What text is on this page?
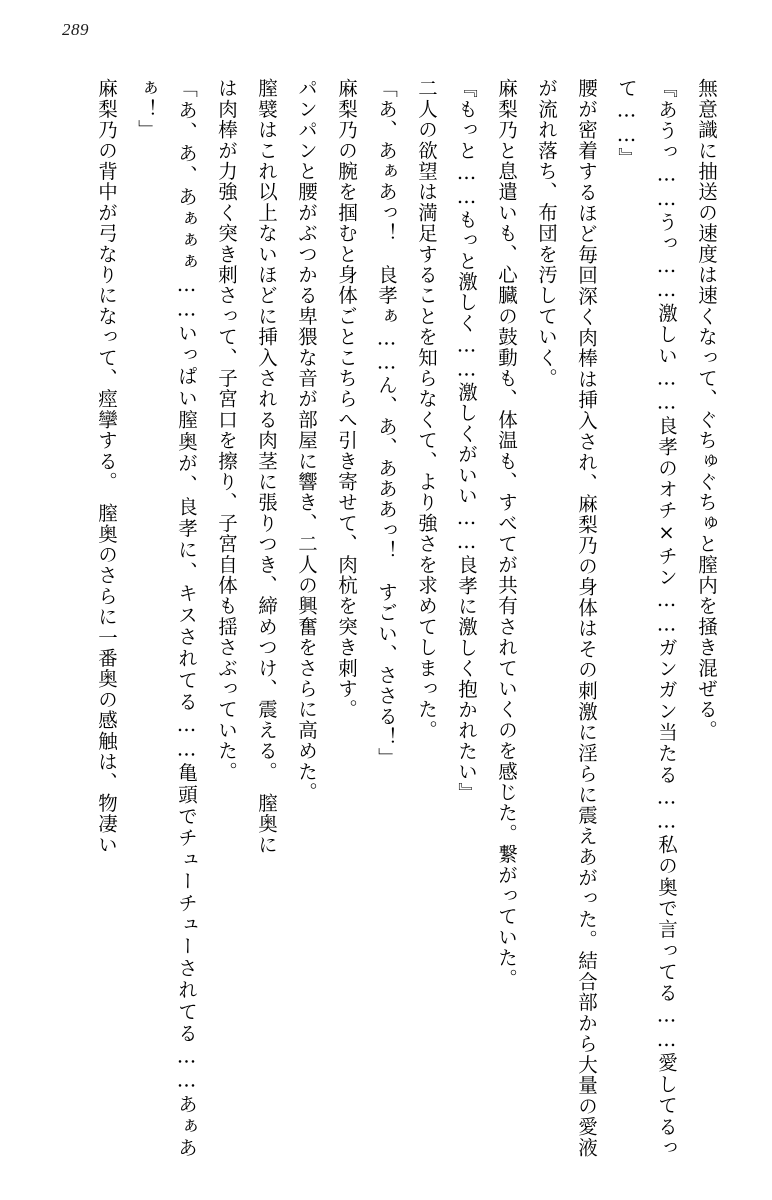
289

無意識に抽送の速度は速くなって、ぐちゅぐちゅと膣内を掻き混ぜる。

『あうっ……うっ……激しい……良孝のオチ×チン……ガンガン当たる……私の奥で言ってる……愛してるって……』

腰が密着するほど毎回深く肉棒は挿入され、麻梨乃の身体はその刺激に淫らに震えあがった。結合部から大量の愛液が流れ落ち、布団を汚していく。

麻梨乃と息遣いも、心臓の鼓動も、体温も、すべてが共有されていくのを感じた。繋がっていた。

『もっと……もっと激しく……激しくがいい……良孝に激しく抱かれたい』

二人の欲望は満足することを知らなくて、より強さを求めてしまった。

「あ、あぁあっ！　良孝ぁ……ん、あ、あああっ！　すごい、ささる！」

麻梨乃の腕を掴むと身体ごとこちらへ引き寄せて、肉杭を突き刺す。

パンパンと腰がぶつかる卑猥な音が部屋に響き、二人の興奮をさらに高めた。

膣襞はこれ以上ないほどに挿入される肉茎に張りつき、締めつけ、震える。　膣奥に

は肉棒が力強く突き刺さって、子宮口を擦り、子宮自体も揺さぶっていた。

「あ、あ、あぁぁぁ……いっぱい膣奥が、良孝に、キスされてる……亀頭でチューチューされてる……あぁあぁ！」

麻梨乃の背中が弓なりになって、痙攣する。　膣奥のさらに一番奥の感触は、物凄い
